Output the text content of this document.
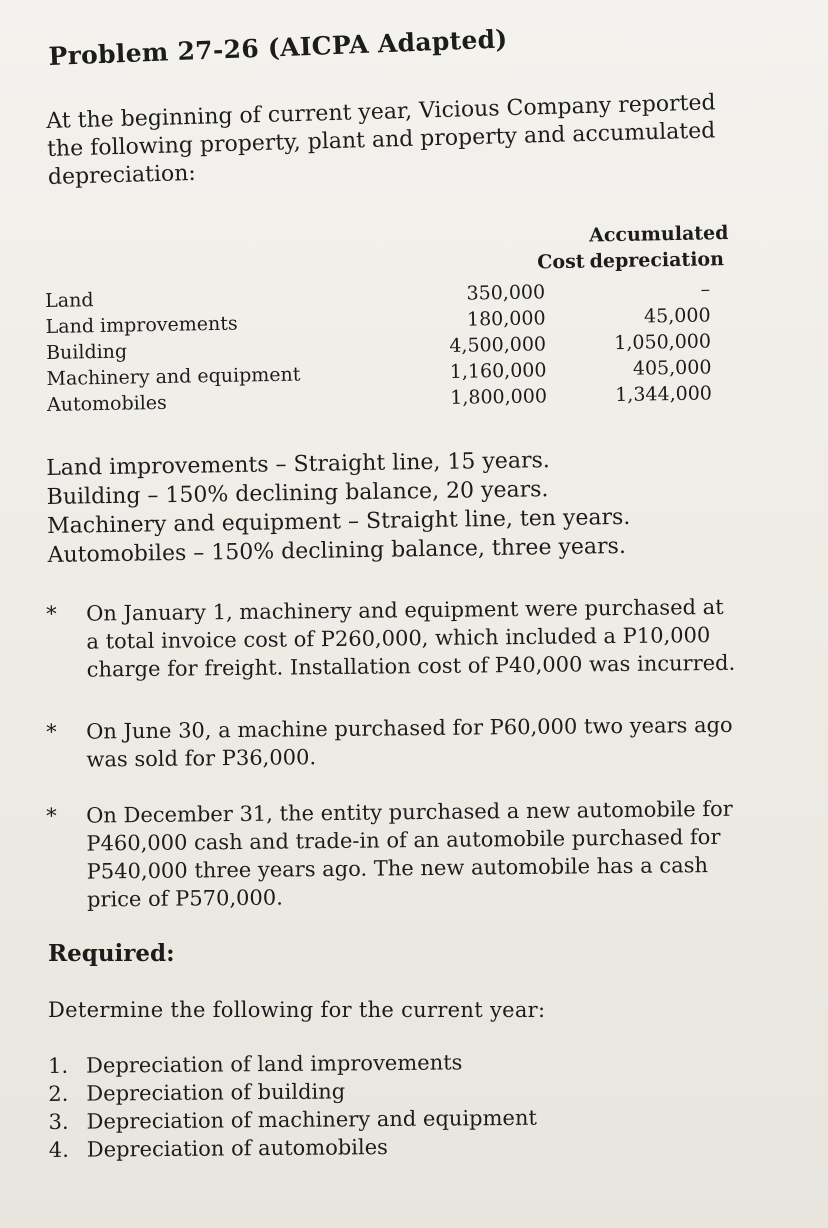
Problem 27-26 (AICPA Adapted)
At the beginning of current year, Vicious Company reported the following property, plant and property and accumulated depreciation:
Cost
Accumulated
depreciation
Land	350,000	–
Land improvements	180,000	45,000
Building	4,500,000	1,050,000
Machinery and equipment	1,160,000	405,000
Automobiles	1,800,000	1,344,000
Land improvements – Straight line, 15 years.
Building – 150% declining balance, 20 years.
Machinery and equipment – Straight line, ten years.
Automobiles – 150% declining balance, three years.
*	On January 1, machinery and equipment were purchased at a total invoice cost of P260,000, which included a P10,000 charge for freight. Installation cost of P40,000 was incurred.
*	On June 30, a machine purchased for P60,000 two years ago was sold for P36,000.
*	On December 31, the entity purchased a new automobile for P460,000 cash and trade-in of an automobile purchased for P540,000 three years ago. The new automobile has a cash price of P570,000.
Required:
Determine the following for the current year:
1. Depreciation of land improvements
2. Depreciation of building
3. Depreciation of machinery and equipment
4. Depreciation of automobiles
